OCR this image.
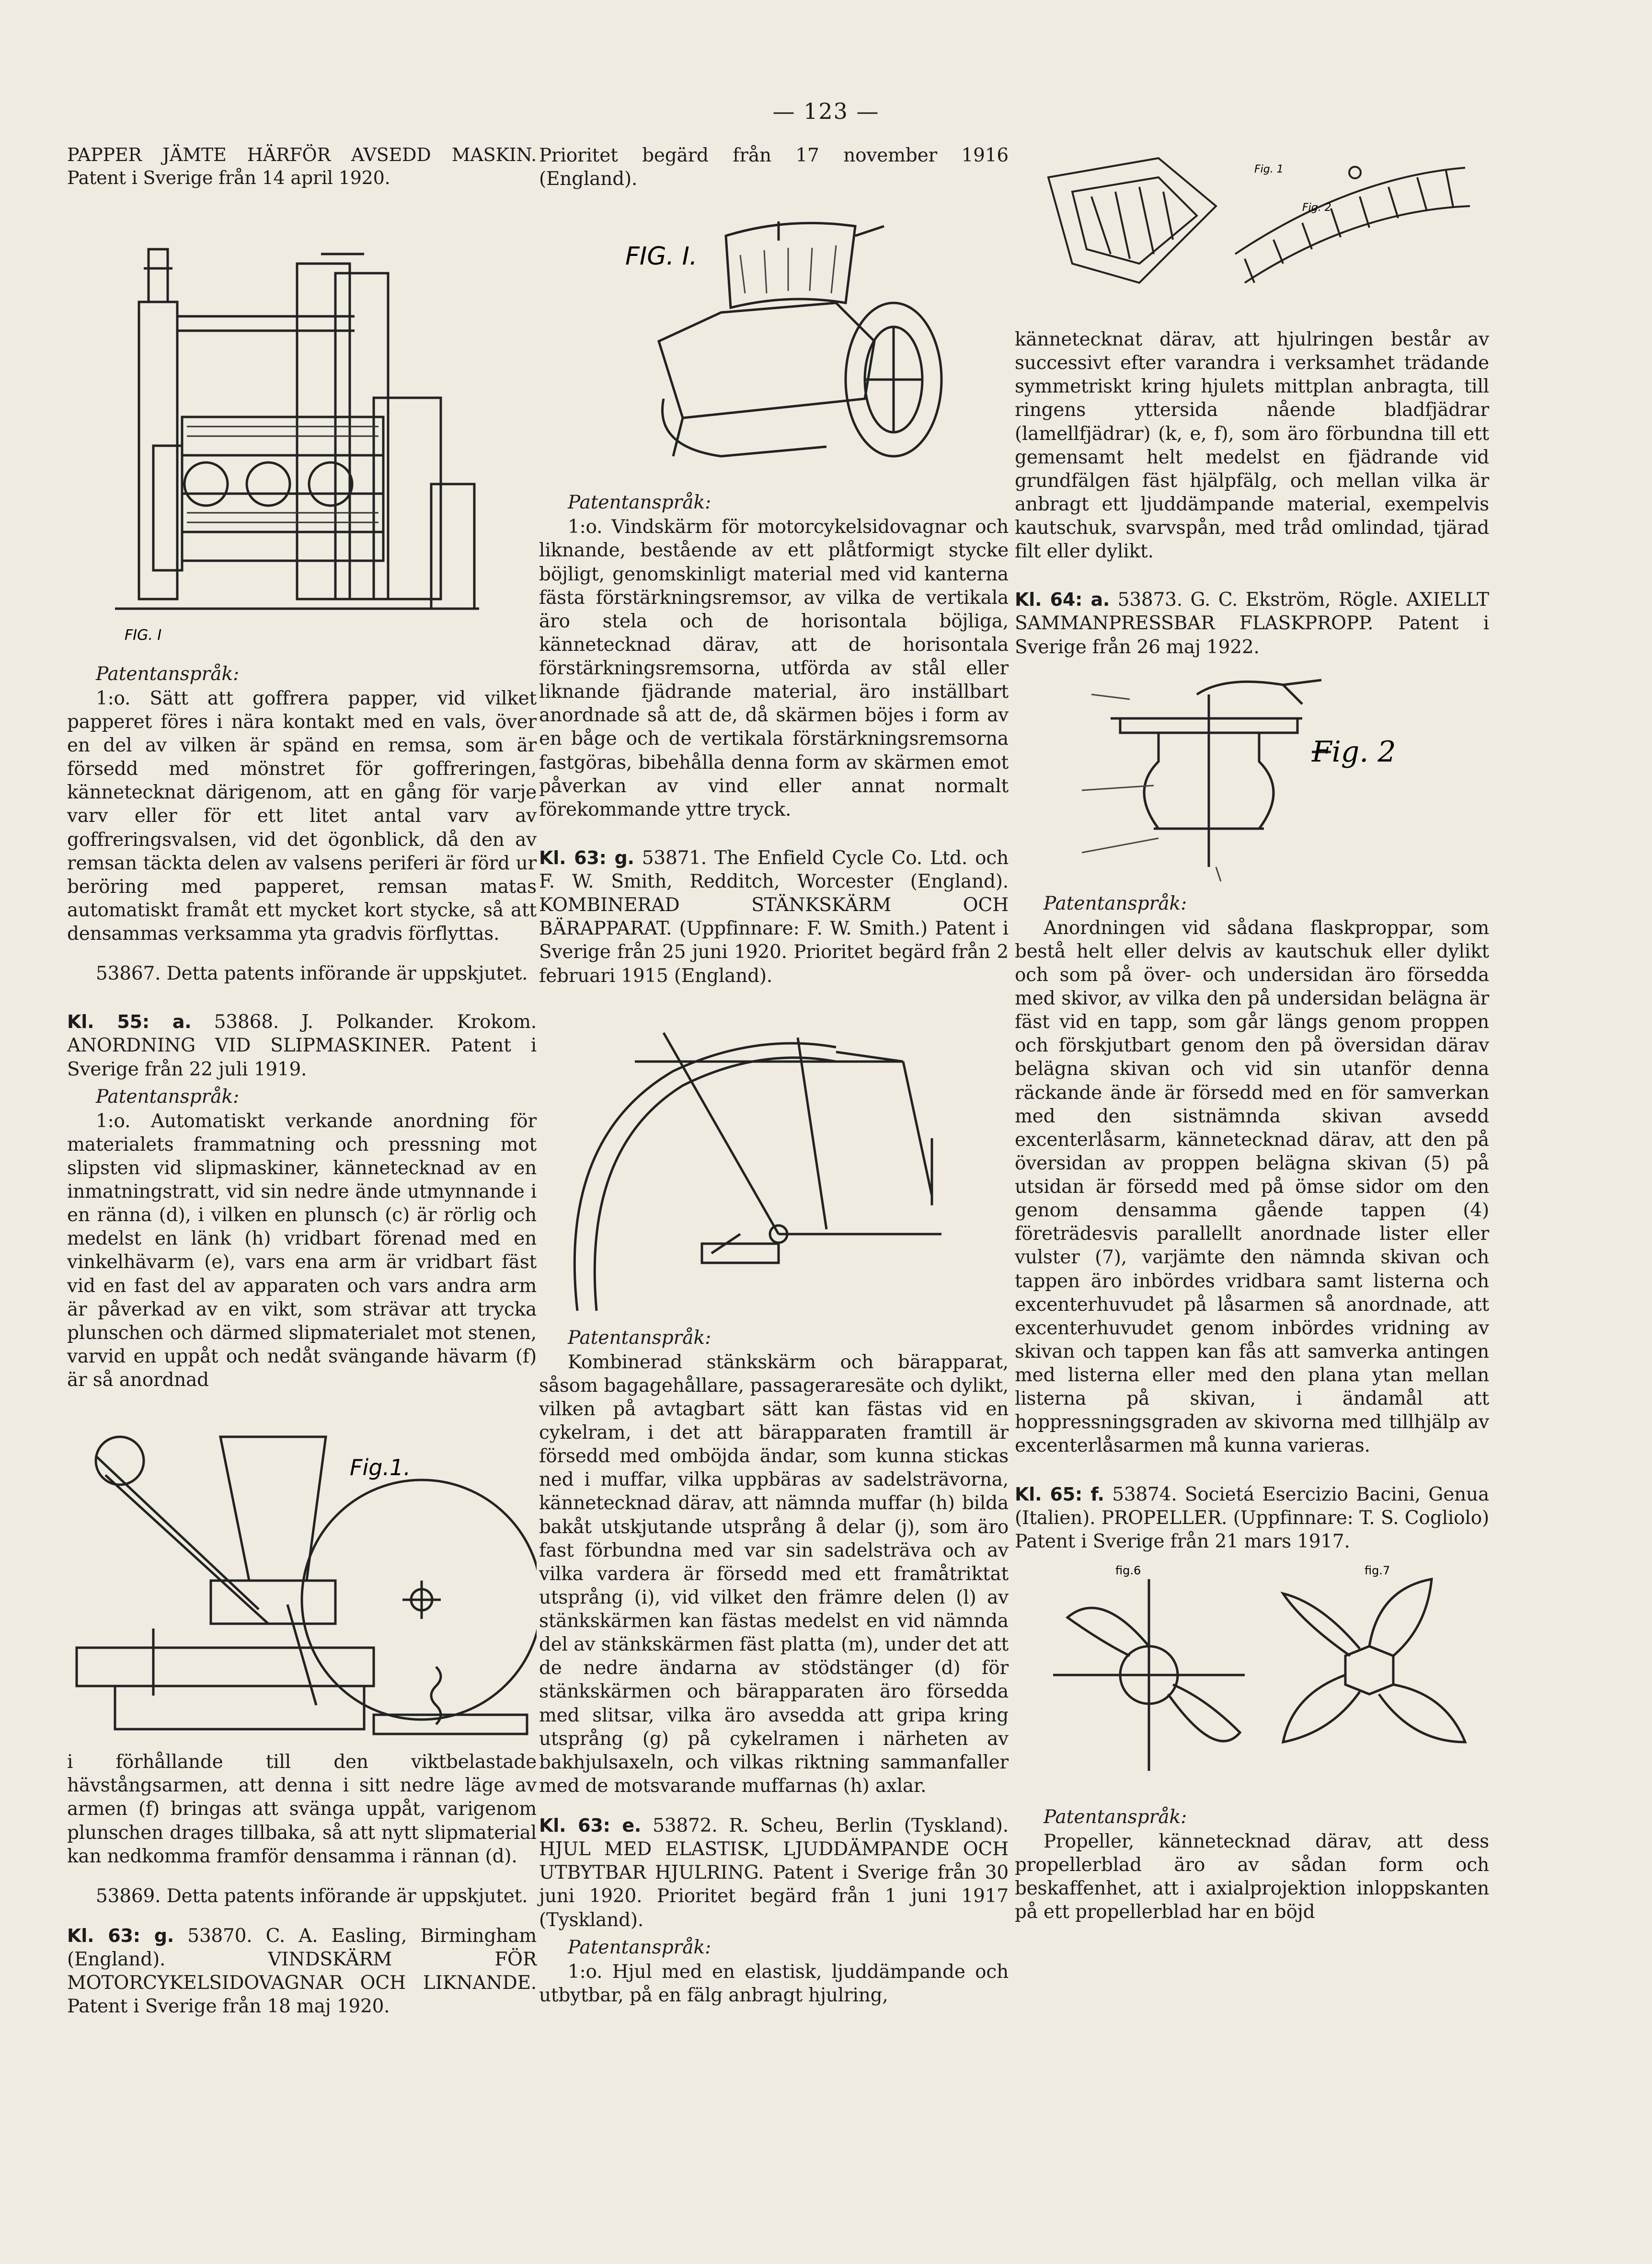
— 123 —

PAPPER JÄMTE HÄRFÖR AVSEDD MASKIN. Patent i Sverige från 14 april 1920.

FIG. I

Patentanspråk:

1:o. Sätt att goffrera papper, vid vilket papperet föres i nära kontakt med en vals, över en del av vilken är spänd en remsa, som är försedd med mönstret för goffreringen, kännetecknat därigenom, att en gång för varje varv eller för ett litet antal varv av goffreringsvalsen, vid det ögonblick, då den av remsan täckta delen av valsens periferi är förd ur beröring med papperet, remsan matas automatiskt framåt ett mycket kort stycke, så att densammas verksamma yta gradvis förflyttas.

53867. Detta patents införande är uppskjutet.

Kl. 55: a. 53868. J. Polkander. Krokom. ANORDNING VID SLIPMASKINER. Patent i Sverige från 22 juli 1919.

Patentanspråk:

1:o. Automatiskt verkande anordning för materialets frammatning och pressning mot slipsten vid slipmaskiner, kännetecknad av en inmatningstratt, vid sin nedre ände utmynnande i en ränna (d), i vilken en plunsch (c) är rörlig och medelst en länk (h) vridbart förenad med en vinkelhävarm (e), vars ena arm är vridbart fäst vid en fast del av apparaten och vars andra arm är påverkad av en vikt, som strävar att trycka plunschen och därmed slipmaterialet mot stenen, varvid en uppåt och nedåt svängande hävarm (f) är så anordnad

Fig.1.

i förhållande till den viktbelastade hävstångsarmen, att denna i sitt nedre läge av armen (f) bringas att svänga uppåt, varigenom plunschen drages tillbaka, så att nytt slipmaterial kan nedkomma framför densamma i rännan (d).

53869. Detta patents införande är uppskjutet.

Kl. 63: g. 53870. C. A. Easling, Birmingham (England). VINDSKÄRM FÖR MOTORCYKELSIDOVAGNAR OCH LIKNANDE. Patent i Sverige från 18 maj 1920.

Prioritet begärd från 17 november 1916 (England).

FIG. I.

Patentanspråk:

1:o. Vindskärm för motorcykelsidovagnar och liknande, bestående av ett plåtformigt stycke böjligt, genomskinligt material med vid kanterna fästa förstärkningsremsor, av vilka de vertikala äro stela och de horisontala böjliga, kännetecknad därav, att de horisontala förstärkningsremsorna, utförda av stål eller liknande fjädrande material, äro inställbart anordnade så att de, då skärmen böjes i form av en båge och de vertikala förstärkningsremsorna fastgöras, bibehålla denna form av skärmen emot påverkan av vind eller annat normalt förekommande yttre tryck.

Kl. 63: g. 53871. The Enfield Cycle Co. Ltd. och F. W. Smith, Redditch, Worcester (England). KOMBINERAD STÄNKSKÄRM OCH BÄRAPPARAT. (Uppfinnare: F. W. Smith.) Patent i Sverige från 25 juni 1920. Prioritet begärd från 2 februari 1915 (England).

Patentanspråk:

Kombinerad stänkskärm och bärapparat, såsom bagagehållare, passageraresäte och dylikt, vilken på avtagbart sätt kan fästas vid en cykelram, i det att bärapparaten framtill är försedd med omböjda ändar, som kunna stickas ned i muffar, vilka uppbäras av sadelsträvorna, kännetecknad därav, att nämnda muffar (h) bilda bakåt utskjutande utsprång å delar (j), som äro fast förbundna med var sin sadelsträva och av vilka vardera är försedd med ett framåtriktat utsprång (i), vid vilket den främre delen (l) av stänkskärmen kan fästas medelst en vid nämnda del av stänkskärmen fäst platta (m), under det att de nedre ändarna av stödstänger (d) för stänkskärmen och bärapparaten äro försedda med slitsar, vilka äro avsedda att gripa kring utsprång (g) på cykelramen i närheten av bakhjulsaxeln, och vilkas riktning sammanfaller med de motsvarande muffarnas (h) axlar.

Kl. 63: e. 53872. R. Scheu, Berlin (Tyskland). HJUL MED ELASTISK, LJUDDÄMPANDE OCH UTBYTBAR HJULRING. Patent i Sverige från 30 juni 1920. Prioritet begärd från 1 juni 1917 (Tyskland).

Patentanspråk:

1:o. Hjul med en elastisk, ljuddämpande och utbytbar, på en fälg anbragt hjulring,

Fig. 1
Fig. 2

kännetecknat därav, att hjulringen består av successivt efter varandra i verksamhet trädande symmetriskt kring hjulets mittplan anbragta, till ringens yttersida nående bladfjädrar (lamellfjädrar) (k, e, f), som äro förbundna till ett gemensamt helt medelst en fjädrande vid grundfälgen fäst hjälpfälg, och mellan vilka är anbragt ett ljuddämpande material, exempelvis kautschuk, svarvspån, med tråd omlindad, tjärad filt eller dylikt.

Kl. 64: a. 53873. G. C. Ekström, Rögle. AXIELLT SAMMANPRESSBAR FLASKPROPP. Patent i Sverige från 26 maj 1922.

Fig. 2

Patentanspråk:

Anordningen vid sådana flaskproppar, som bestå helt eller delvis av kautschuk eller dylikt och som på över- och undersidan äro försedda med skivor, av vilka den på undersidan belägna är fäst vid en tapp, som går längs genom proppen och förskjutbart genom den på översidan därav belägna skivan och vid sin utanför denna räckande ände är försedd med en för samverkan med den sistnämnda skivan avsedd excenterlåsarm, kännetecknad därav, att den på översidan av proppen belägna skivan (5) på utsidan är försedd med på ömse sidor om den genom densamma gående tappen (4) företrädesvis parallellt anordnade lister eller vulster (7), varjämte den nämnda skivan och tappen äro inbördes vridbara samt listerna och excenterhuvudet på låsarmen så anordnade, att excenterhuvudet genom inbördes vridning av skivan och tappen kan fås att samverka antingen med listerna eller med den plana ytan mellan listerna på skivan, i ändamål att hoppressningsgraden av skivorna med tillhjälp av excenterlåsarmen må kunna varieras.

Kl. 65: f. 53874. Societá Esercizio Bacini, Genua (Italien). PROPELLER. (Uppfinnare: T. S. Cogliolo) Patent i Sverige från 21 mars 1917.

fig.6	fig.7

Patentanspråk:

Propeller, kännetecknad därav, att dess propellerblad äro av sådan form och beskaffenhet, att i axialprojektion inloppskanten på ett propellerblad har en böjd
